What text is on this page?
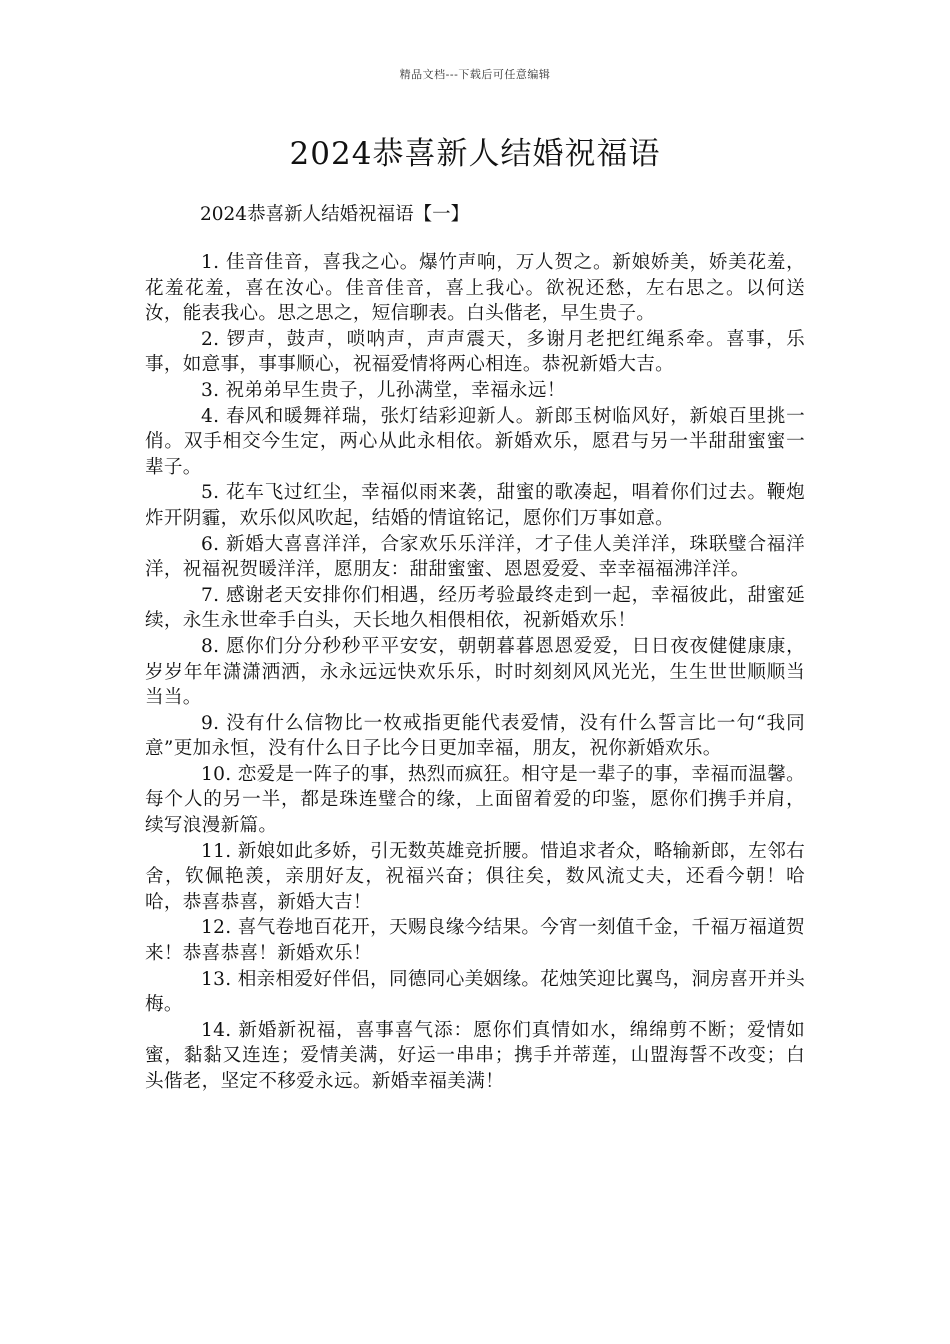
精品文档---下载后可任意编辑
2024恭喜新人结婚祝福语
2024恭喜新人结婚祝福语【一】

1. 佳音佳音，喜我之心。爆竹声响，万人贺之。新娘娇美，娇美花羞，花羞花羞，喜在汝心。佳音佳音，喜上我心。欲祝还愁，左右思之。以何送汝，能表我心。思之思之，短信聊表。白头偕老，早生贵子。

2. 锣声，鼓声，唢呐声，声声震天，多谢月老把红绳系牵。喜事，乐事，如意事，事事顺心，祝福爱情将两心相连。恭祝新婚大吉。

3. 祝弟弟早生贵子，儿孙满堂，幸福永远！

4. 春风和暖舞祥瑞，张灯结彩迎新人。新郎玉树临风好，新娘百里挑一俏。双手相交今生定，两心从此永相依。新婚欢乐，愿君与另一半甜甜蜜蜜一辈子。

5. 花车飞过红尘，幸福似雨来袭，甜蜜的歌凑起，唱着你们过去。鞭炮炸开阴霾，欢乐似风吹起，结婚的情谊铭记，愿你们万事如意。

6. 新婚大喜喜洋洋，合家欢乐乐洋洋，才子佳人美洋洋，珠联璧合福洋洋，祝福祝贺暖洋洋，愿朋友：甜甜蜜蜜、恩恩爱爱、幸幸福福沸洋洋。

7. 感谢老天安排你们相遇，经历考验最终走到一起，幸福彼此，甜蜜延续，永生永世牵手白头，天长地久相偎相依，祝新婚欢乐！

8. 愿你们分分秒秒平平安安，朝朝暮暮恩恩爱爱，日日夜夜健健康康，岁岁年年潇潇洒洒，永永远远快欢乐乐，时时刻刻风风光光，生生世世顺顺当当当。

9. 没有什么信物比一枚戒指更能代表爱情，没有什么誓言比一句“我同意”更加永恒，没有什么日子比今日更加幸福，朋友，祝你新婚欢乐。

10. 恋爱是一阵子的事，热烈而疯狂。相守是一辈子的事，幸福而温馨。每个人的另一半，都是珠连璧合的缘，上面留着爱的印鉴，愿你们携手并肩，续写浪漫新篇。

11. 新娘如此多娇，引无数英雄竞折腰。惜追求者众，略输新郎，左邻右舍，钦佩艳羡，亲朋好友，祝福兴奋；俱往矣，数风流丈夫，还看今朝！哈哈，恭喜恭喜，新婚大吉！

12. 喜气卷地百花开，天赐良缘今结果。今宵一刻值千金，千福万福道贺来！恭喜恭喜！新婚欢乐！

13. 相亲相爱好伴侣，同德同心美姻缘。花烛笑迎比翼鸟，洞房喜开并头梅。

14. 新婚新祝福，喜事喜气添：愿你们真情如水，绵绵剪不断；爱情如蜜，黏黏又连连；爱情美满，好运一串串；携手并蒂莲，山盟海誓不改变；白头偕老，坚定不移爱永远。新婚幸福美满！
